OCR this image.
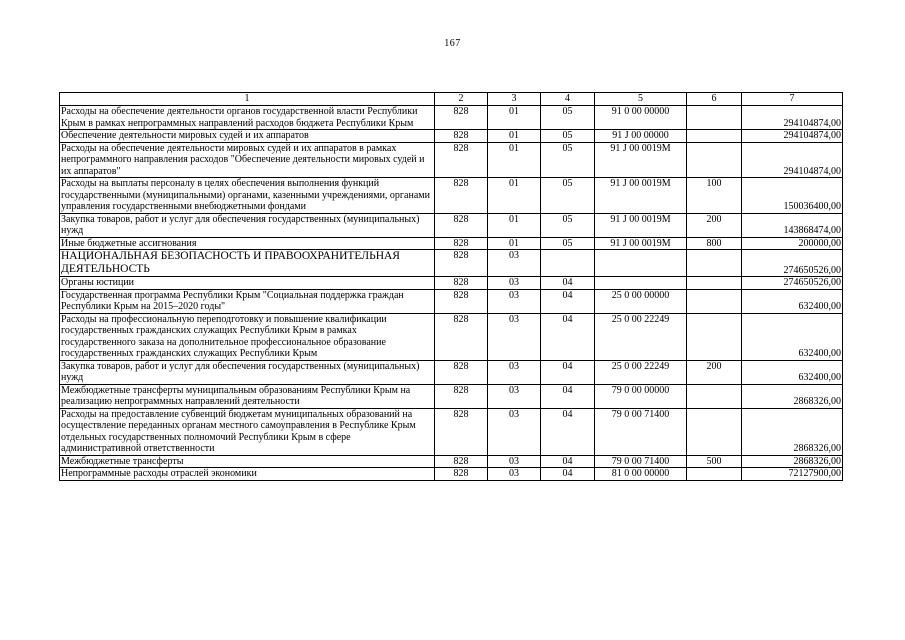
167
1	2	3	4	5	6	7
Расходы на обеспечение деятельности органов государственной власти Республики Крым в рамках непрограммных направлений расходов бюджета Республики Крым	828	01	05	91 0 00 00000		294104874,00
Обеспечение деятельности мировых судей и их аппаратов	828	01	05	91 J 00 00000		294104874,00
Расходы на обеспечение деятельности мировых судей и их аппаратов в рамках непрограммного направления расходов "Обеспечение деятельности мировых судей и их аппаратов"	828	01	05	91 J 00 0019M		294104874,00
Расходы на выплаты персоналу в целях обеспечения выполнения функций государственными (муниципальными) органами, казенными учреждениями, органами управления государственными внебюджетными фондами	828	01	05	91 J 00 0019M	100	150036400,00
Закупка товаров, работ и услуг для обеспечения государственных (муниципальных) нужд	828	01	05	91 J 00 0019M	200	143868474,00
Иные бюджетные ассигнования	828	01	05	91 J 00 0019M	800	200000,00
НАЦИОНАЛЬНАЯ БЕЗОПАСНОСТЬ И ПРАВООХРАНИТЕЛЬНАЯ ДЕЯТЕЛЬНОСТЬ	828	03				274650526,00
Органы юстиции	828	03	04			274650526,00
Государственная программа Республики Крым "Социальная поддержка граждан Республики Крым на 2015–2020 годы"	828	03	04	25 0 00 00000		632400,00
Расходы на профессиональную переподготовку и повышение квалификации государственных гражданских служащих Республики Крым в рамках государственного заказа на дополнительное профессиональное образование государственных гражданских служащих Республики Крым	828	03	04	25 0 00 22249		632400,00
Закупка товаров, работ и услуг для обеспечения государственных (муниципальных) нужд	828	03	04	25 0 00 22249	200	632400,00
Межбюджетные трансферты муниципальным образованиям Республики Крым на реализацию непрограммных направлений деятельности	828	03	04	79 0 00 00000		2868326,00
Расходы на предоставление субвенций бюджетам муниципальных образований на осуществление переданных органам местного самоуправления в Республике Крым отдельных государственных полномочий Республики Крым в сфере административной ответственности	828	03	04	79 0 00 71400		2868326,00
Межбюджетные трансферты	828	03	04	79 0 00 71400	500	2868326,00
Непрограммные расходы отраслей экономики	828	03	04	81 0 00 00000		72127900,00
